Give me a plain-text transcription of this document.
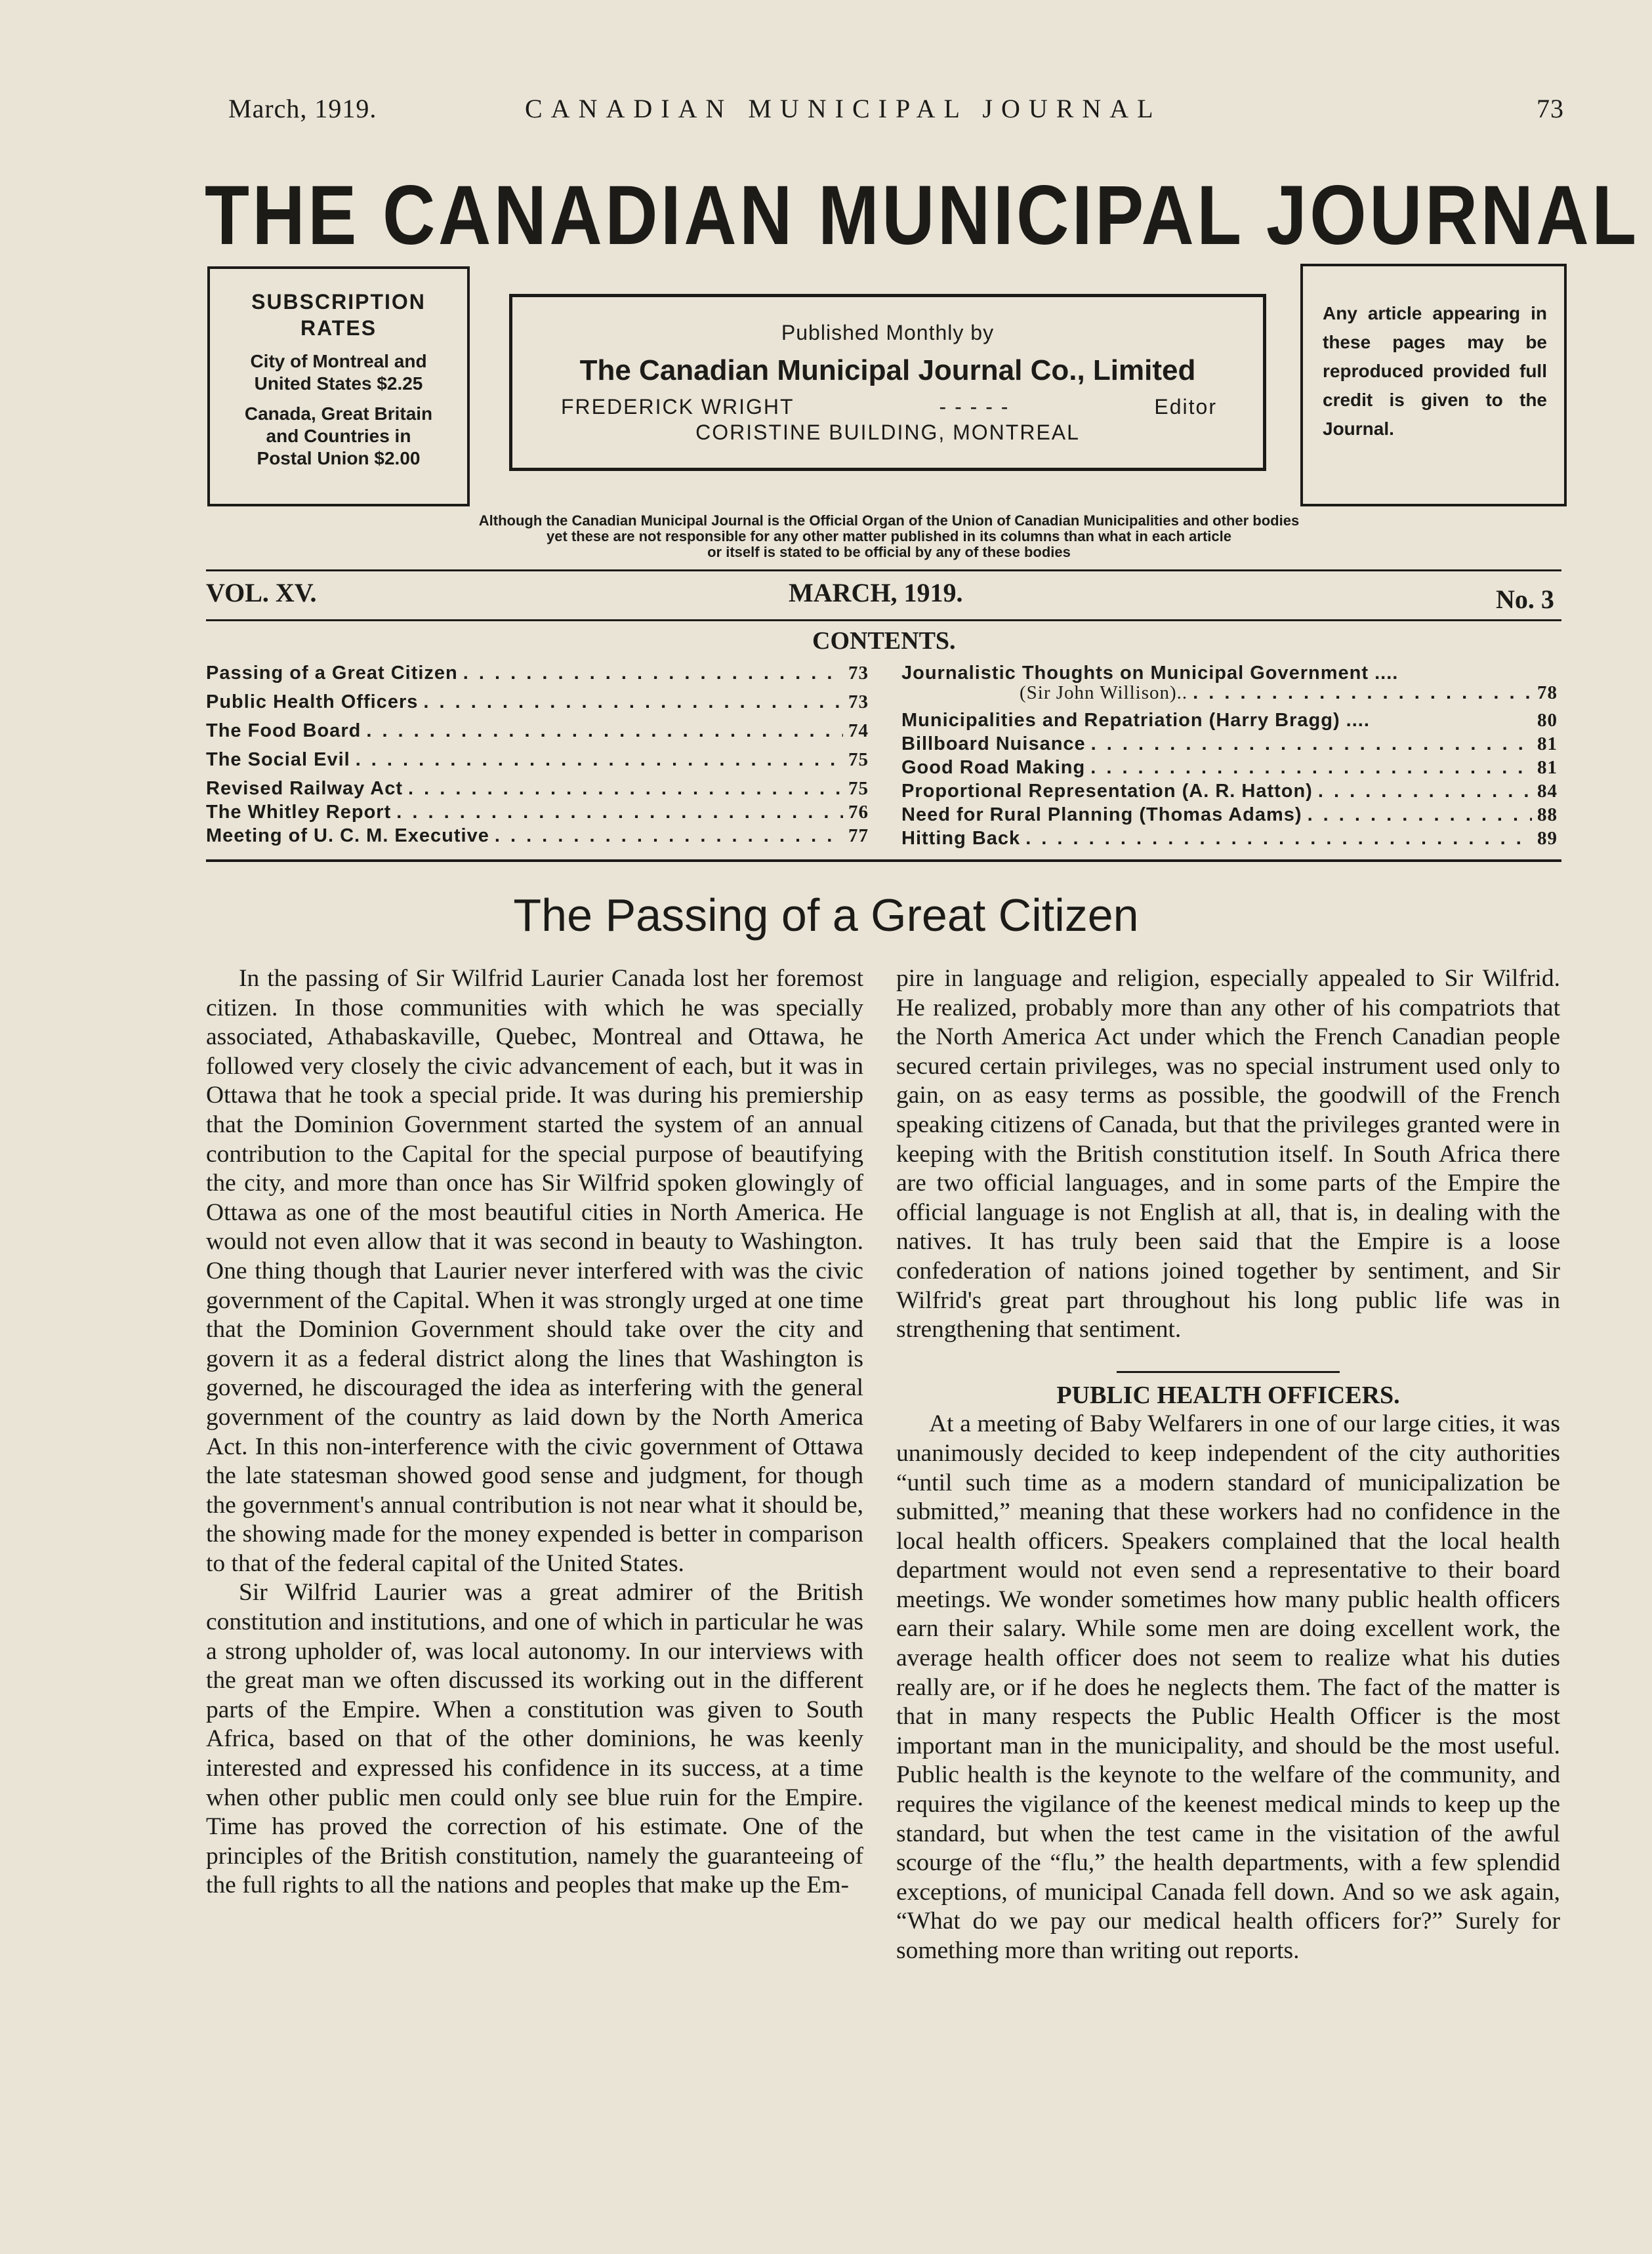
March, 1919.	CANADIAN MUNICIPAL JOURNAL	73
THE CANADIAN MUNICIPAL JOURNAL
SUBSCRIPTION
RATES
City of Montreal and
United States $2.25
Canada, Great Britain
and Countries in
Postal Union $2.00
Published Monthly by
The Canadian Municipal Journal Co., Limited
FREDERICK WRIGHT	- - - - -	Editor
CORISTINE BUILDING, MONTREAL
Any article appearing in these pages may be reproduced provided full credit is given to the Journal.
Although the Canadian Municipal Journal is the Official Organ of the Union of Canadian Municipalities and other bodies
yet these are not responsible for any other matter published in its columns than what in each article
or itself is stated to be official by any of these bodies
VOL. XV.	MARCH, 1919.	No. 3
CONTENTS.
Passing of a Great Citizen . . .	73
Public Health Officers . . .	73
The Food Board . . .	74
The Social Evil . . .	75
Revised Railway Act . . .	75
The Whitley Report . . .	76
Meeting of U. C. M. Executive . . .	77
Journalistic Thoughts on Municipal Government ....
(Sir John Willison).. . . .	78
Municipalities and Repatriation (Harry Bragg) ....	80
Billboard Nuisance . . .	81
Good Road Making . . .	81
Proportional Representation (A. R. Hatton) . . .	84
Need for Rural Planning (Thomas Adams) . . .	88
Hitting Back . . .	89
The Passing of a Great Citizen

In the passing of Sir Wilfrid Laurier Canada lost her foremost citizen. In those communities with which he was specially associated, Athabaskaville, Quebec, Montreal and Ottawa, he followed very closely the civic advancement of each, but it was in Ottawa that he took a special pride. It was during his premiership that the Dominion Government started the system of an annual contribution to the Capital for the special purpose of beautifying the city, and more than once has Sir Wilfrid spoken glowingly of Ottawa as one of the most beautiful cities in North America. He would not even allow that it was second in beauty to Washington. One thing though that Laurier never interfered with was the civic government of the Capital. When it was strongly urged at one time that the Dominion Government should take over the city and govern it as a federal district along the lines that Washington is governed, he discouraged the idea as interfering with the general government of the country as laid down by the North America Act. In this non-interference with the civic government of Ottawa the late statesman showed good sense and judgment, for though the government's annual contribution is not near what it should be, the showing made for the money expended is better in comparison to that of the federal capital of the United States.

Sir Wilfrid Laurier was a great admirer of the British constitution and institutions, and one of which in particular he was a strong upholder of, was local autonomy. In our interviews with the great man we often discussed its working out in the different parts of the Empire. When a constitution was given to South Africa, based on that of the other dominions, he was keenly interested and expressed his confidence in its success, at a time when other public men could only see blue ruin for the Empire. Time has proved the correction of his estimate. One of the principles of the British constitution, namely the guaranteeing of the full rights to all the nations and peoples that make up the Em-

pire in language and religion, especially appealed to Sir Wilfrid. He realized, probably more than any other of his compatriots that the North America Act under which the French Canadian people secured certain privileges, was no special instrument used only to gain, on as easy terms as possible, the goodwill of the French speaking citizens of Canada, but that the privileges granted were in keeping with the British constitution itself. In South Africa there are two official languages, and in some parts of the Empire the official language is not English at all, that is, in dealing with the natives. It has truly been said that the Empire is a loose confederation of nations joined together by sentiment, and Sir Wilfrid's great part throughout his long public life was in strengthening that sentiment.

PUBLIC HEALTH OFFICERS.

At a meeting of Baby Welfarers in one of our large cities, it was unanimously decided to keep independent of the city authorities “until such time as a modern standard of municipalization be submitted,” meaning that these workers had no confidence in the local health officers. Speakers complained that the local health department would not even send a representative to their board meetings. We wonder sometimes how many public health officers earn their salary. While some men are doing excellent work, the average health officer does not seem to realize what his duties really are, or if he does he neglects them. The fact of the matter is that in many respects the Public Health Officer is the most important man in the municipality, and should be the most useful. Public health is the keynote to the welfare of the community, and requires the vigilance of the keenest medical minds to keep up the standard, but when the test came in the visitation of the awful scourge of the “flu,” the health departments, with a few splendid exceptions, of municipal Canada fell down. And so we ask again, “What do we pay our medical health officers for?” Surely for something more than writing out reports.
